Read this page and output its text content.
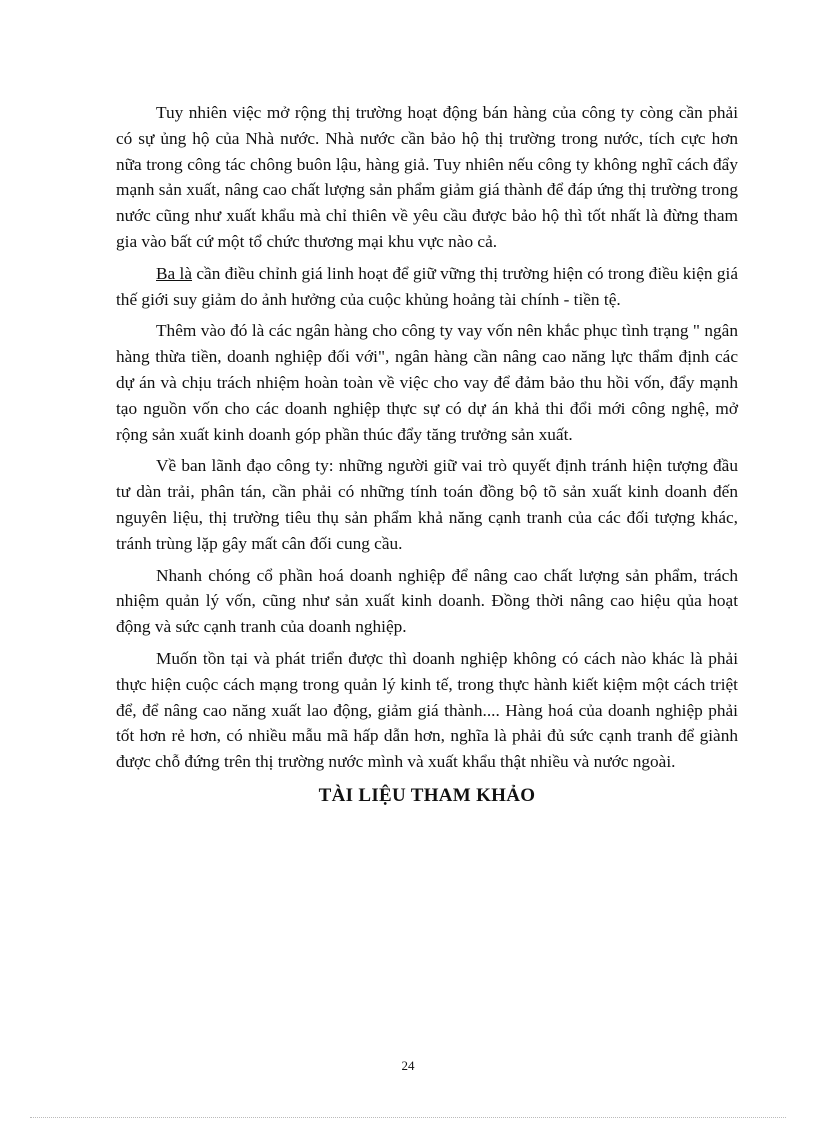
Tuy nhiên việc mở rộng thị trường hoạt động bán hàng của công ty còng cần phải có sự ủng hộ của Nhà nước. Nhà nước cần bảo hộ thị trường trong nước, tích cực hơn nữa trong công tác chông buôn lậu, hàng giả. Tuy nhiên nếu công ty không nghĩ cách đẩy mạnh sản xuất, nâng cao chất lượng sản phẩm giảm giá thành để đáp ứng thị trường trong nước cũng như xuất khẩu mà chỉ thiên về yêu cầu được bảo hộ thì tốt nhất là đừng tham gia vào bất cứ một tổ chức thương mại khu vực nào cả.

Ba là cần điều chỉnh giá linh hoạt để giữ vững thị trường hiện có trong điều kiện giá thế giới suy giảm do ảnh hưởng của cuộc khủng hoảng tài chính - tiền tệ.

Thêm vào đó là các ngân hàng cho công ty vay vốn nên khắc phục tình trạng " ngân hàng thừa tiền, doanh nghiệp đối với", ngân hàng cần nâng cao năng lực thẩm định các dự án và chịu trách nhiệm hoàn toàn về việc cho vay để đảm bảo thu hồi vốn, đẩy mạnh tạo nguồn vốn cho các doanh nghiệp thực sự có dự án khả thi đổi mới công nghệ, mở rộng sản xuất kinh doanh góp phần thúc đẩy tăng trưởng sản xuất.

Về ban lãnh đạo công ty: những người giữ vai trò quyết định tránh hiện tượng đầu tư dàn trải, phân tán, cần phải có những tính toán đồng bộ tõ sản xuất kinh doanh đến nguyên liệu, thị trường tiêu thụ sản phẩm khả năng cạnh tranh của các đối tượng khác, tránh trùng lặp gây mất cân đối cung cầu.

Nhanh chóng cổ phần hoá doanh nghiệp để nâng cao chất lượng sản phẩm, trách nhiệm quản lý vốn, cũng như sản xuất kinh doanh. Đồng thời nâng cao hiệu qủa hoạt động và sức cạnh tranh của doanh nghiệp.

Muốn tồn tại và phát triển được thì doanh nghiệp không có cách nào khác là phải thực hiện cuộc cách mạng trong quản lý kinh tế, trong thực hành kiết kiệm một cách triệt để, để nâng cao năng xuất lao động, giảm giá thành.... Hàng hoá của doanh nghiệp phải tốt hơn rẻ hơn, có nhiều mẫu mã hấp dẫn hơn, nghĩa là phải đủ sức cạnh tranh để giành được chỗ đứng trên thị trường nước mình và xuất khẩu thật nhiều và nước ngoài.

TÀI LIỆU THAM KHẢO
24
